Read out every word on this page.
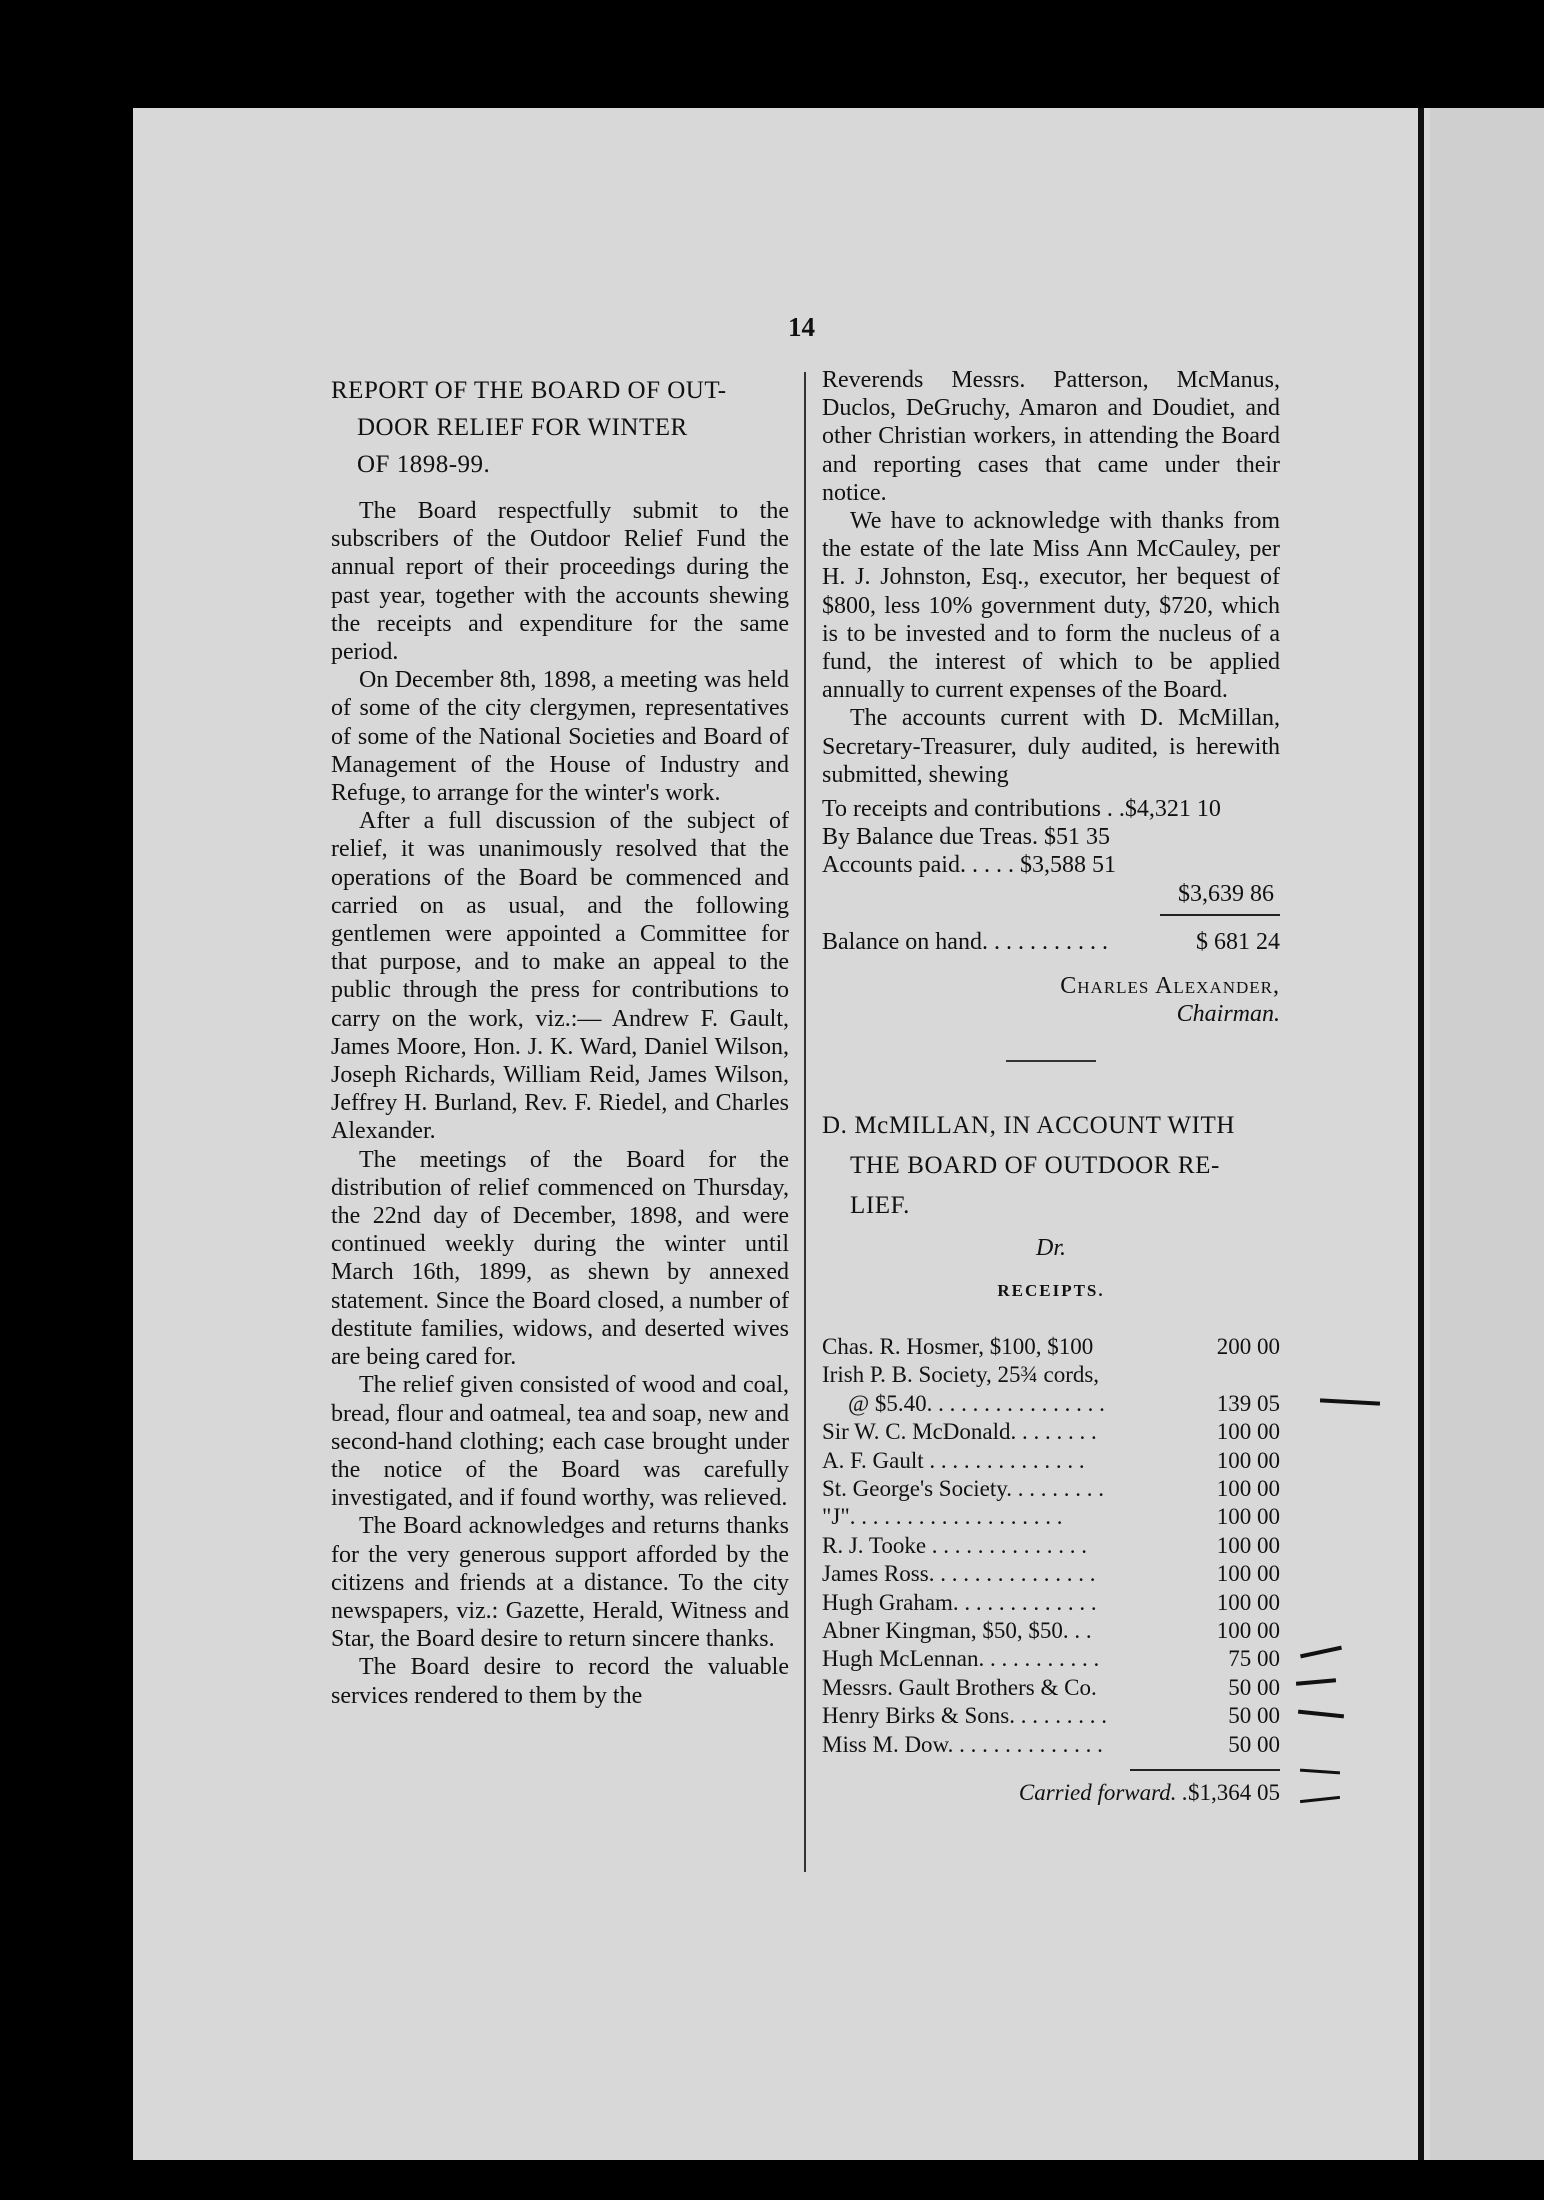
14
REPORT OF THE BOARD OF OUT-
DOOR RELIEF FOR WINTER
OF 1898-99.

The Board respectfully submit to the subscribers of the Outdoor Relief Fund the annual report of their proceedings during the past year, together with the accounts shewing the receipts and expenditure for the same period.

On December 8th, 1898, a meeting was held of some of the city clergymen, representatives of some of the National Societies and Board of Management of the House of Industry and Refuge, to arrange for the winter's work.

After a full discussion of the subject of relief, it was unanimously resolved that the operations of the Board be commenced and carried on as usual, and the following gentlemen were appointed a Committee for that purpose, and to make an appeal to the public through the press for contributions to carry on the work, viz.:— Andrew F. Gault, James Moore, Hon. J. K. Ward, Daniel Wilson, Joseph Richards, William Reid, James Wilson, Jeffrey H. Burland, Rev. F. Riedel, and Charles Alexander.

The meetings of the Board for the distribution of relief commenced on Thursday, the 22nd day of December, 1898, and were continued weekly during the winter until March 16th, 1899, as shewn by annexed statement. Since the Board closed, a number of destitute families, widows, and deserted wives are being cared for.

The relief given consisted of wood and coal, bread, flour and oatmeal, tea and soap, new and second-hand clothing; each case brought under the notice of the Board was carefully investigated, and if found worthy, was relieved.

The Board acknowledges and returns thanks for the very generous support afforded by the citizens and friends at a distance. To the city newspapers, viz.: Gazette, Herald, Witness and Star, the Board desire to return sincere thanks.

The Board desire to record the valuable services rendered to them by the

Reverends Messrs. Patterson, McManus, Duclos, DeGruchy, Amaron and Doudiet, and other Christian workers, in attending the Board and reporting cases that came under their notice.

We have to acknowledge with thanks from the estate of the late Miss Ann McCauley, per H. J. Johnston, Esq., executor, her bequest of $800, less 10% government duty, $720, which is to be invested and to form the nucleus of a fund, the interest of which to be applied annually to current expenses of the Board.

The accounts current with D. McMillan, Secretary-Treasurer, duly audited, is herewith submitted, shewing

To receipts and contributions . .$4,321 10
By Balance due Treas. $51 35
Accounts paid. . . . . $3,588 51
$3,639 86
Balance on hand. . . . . . . . . . .	$ 681 24
Charles Alexander,
Chairman.
D. McMILLAN, IN ACCOUNT WITH
THE BOARD OF OUTDOOR RE-
LIEF.
Dr.
RECEIPTS.
Chas. R. Hosmer, $100, $100	200 00
Irish P. B. Society, 25¾ cords,
@ $5.40. . . . . . . . . . . . . . . .	139 05
Sir W. C. McDonald. . . . . . . .	100 00
A. F. Gault . . . . . . . . . . . . . .	100 00
St. George's Society. . . . . . . . .	100 00
"J". . . . . . . . . . . . . . . . . . .	100 00
R. J. Tooke . . . . . . . . . . . . . .	100 00
James Ross. . . . . . . . . . . . . . .	100 00
Hugh Graham. . . . . . . . . . . . .	100 00
Abner Kingman, $50, $50. . .	100 00
Hugh McLennan. . . . . . . . . . .	75 00
Messrs. Gault Brothers & Co.	50 00
Henry Birks & Sons. . . . . . . . .	50 00
Miss M. Dow. . . . . . . . . . . . . .	50 00
Carried forward. . $1,364 05
